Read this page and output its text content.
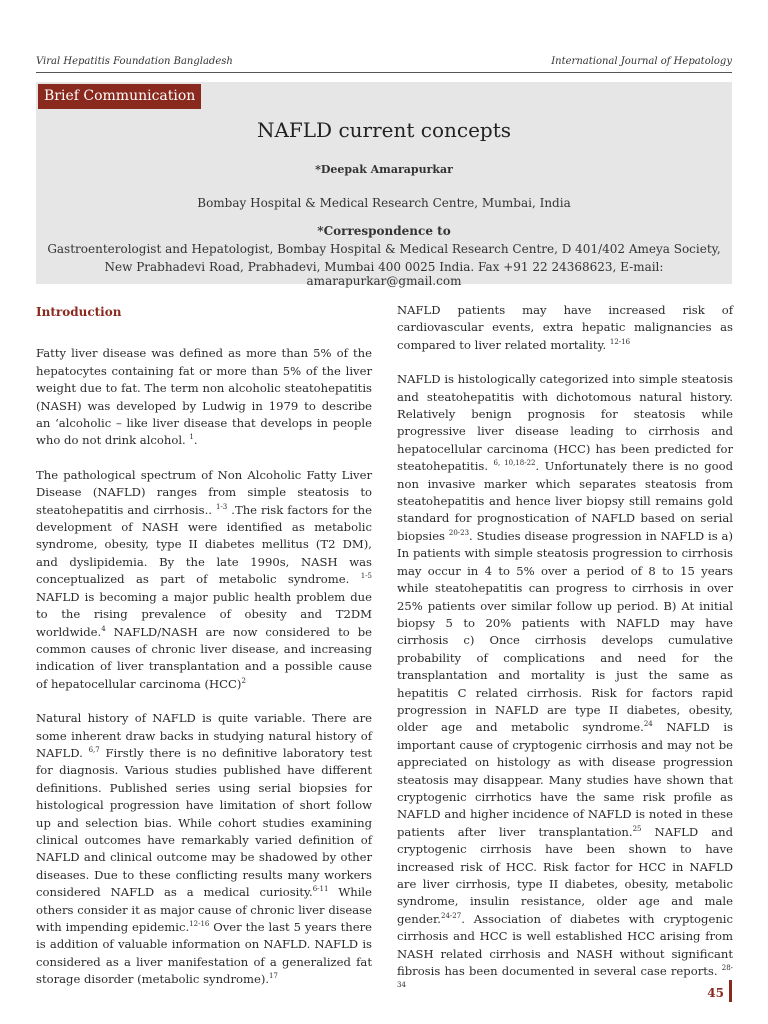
Viral Hepatitis Foundation Bangladesh	International Journal of Hepatology
Brief Communication
NAFLD current concepts
*Deepak Amarapurkar
Bombay Hospital & Medical Research Centre, Mumbai, India
*Correspondence to
Gastroenterologist and Hepatologist, Bombay Hospital & Medical Research Centre, D 401/402 Ameya Society,
New Prabhadevi Road, Prabhadevi, Mumbai 400 0025 India. Fax +91 22 24368623, E-mail: amarapurkar@gmail.com
Introduction

Fatty liver disease was defined as more than 5% of the hepatocytes containing fat or more than 5% of the liver weight due to fat. The term non alcoholic steatohepatitis (NASH) was developed by Ludwig in 1979 to describe an ‘alcoholic – like liver disease that develops in people who do not drink alcohol. $^1$.

The pathological spectrum of Non Alcoholic Fatty Liver Disease (NAFLD) ranges from simple steatosis to steatohepatitis and cirrhosis.. $^{1-3}$ .The risk factors for the development of NASH were identified as metabolic syndrome, obesity, type II diabetes mellitus (T2 DM), and dyslipidemia. By the late 1990s, NASH was conceptualized as part of metabolic syndrome. $^{1-5}$ NAFLD is becoming a major public health problem due to the rising prevalence of obesity and T2DM worldwide.$^4$ NAFLD/NASH are now considered to be common causes of chronic liver disease, and increasing indication of liver transplantation and a possible cause of hepatocellular carcinoma (HCC)$^2$

Natural history of NAFLD is quite variable. There are some inherent draw backs in studying natural history of NAFLD. $^{6,7}$ Firstly there is no definitive laboratory test for diagnosis. Various studies published have different definitions. Published series using serial biopsies for histological progression have limitation of short follow up and selection bias. While cohort studies examining clinical outcomes have remarkably varied definition of NAFLD and clinical outcome may be shadowed by other diseases. Due to these conflicting results many workers considered NAFLD as a medical curiosity.$^{6-11}$ While others consider it as major cause of chronic liver disease with impending epidemic.$^{12-16}$ Over the last 5 years there is addition of valuable information on NAFLD. NAFLD is considered as a liver manifestation of a generalized fat storage disorder (metabolic syndrome).$^{17}$

NAFLD patients may have increased risk of cardiovascular events, extra hepatic malignancies as compared to liver related mortality. $^{12-16}$

NAFLD is histologically categorized into simple steatosis and steatohepatitis with dichotomous natural history. Relatively benign prognosis for steatosis while progressive liver disease leading to cirrhosis and hepatocellular carcinoma (HCC) has been predicted for steatohepatitis. $^{6, 10,18-22}$. Unfortunately there is no good non invasive marker which separates steatosis from steatohepatitis and hence liver biopsy still remains gold standard for prognostication of NAFLD based on serial biopsies $^{20-23}$. Studies disease progression in NAFLD is a) In patients with simple steatosis progression to cirrhosis may occur in 4 to 5% over a period of 8 to 15 years while steatohepatitis can progress to cirrhosis in over 25% patients over similar follow up period. B) At initial biopsy 5 to 20% patients with NAFLD may have cirrhosis c) Once cirrhosis develops cumulative probability of complications and need for the transplantation and mortality is just the same as hepatitis C related cirrhosis. Risk for factors rapid progression in NAFLD are type II diabetes, obesity, older age and metabolic syndrome.$^{24}$ NAFLD is important cause of cryptogenic cirrhosis and may not be appreciated on histology as with disease progression steatosis may disappear. Many studies have shown that cryptogenic cirrhotics have the same risk profile as NAFLD and higher incidence of NAFLD is noted in these patients after liver transplantation.$^{25}$ NAFLD and cryptogenic cirrhosis have been shown to have increased risk of HCC. Risk factor for HCC in NAFLD are liver cirrhosis, type II diabetes, obesity, metabolic syndrome, insulin resistance, older age and male gender.$^{24-27}$. Association of diabetes with cryptogenic cirrhosis and HCC is well established HCC arising from NASH related cirrhosis and NASH without significant fibrosis has been documented in several case reports. $^{28-34}$

45
